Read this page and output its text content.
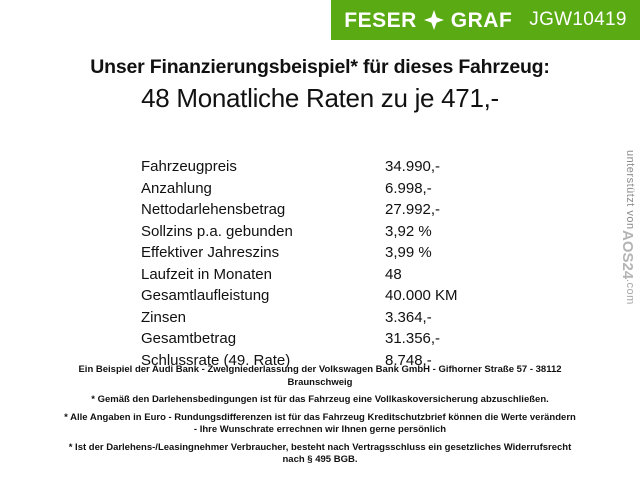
FESER GRAF JGW10419
Unser Finanzierungsbeispiel* für dieses Fahrzeug:
48 Monatliche Raten zu je 471,-
Fahrzeugpreis	34.990,-
Anzahlung	6.998,-
Nettodarlehensbetrag	27.992,-
Sollzins p.a. gebunden	3,92 %
Effektiver Jahreszins	3,99 %
Laufzeit in Monaten	48
Gesamtlaufleistung	40.000 KM
Zinsen	3.364,-
Gesamtbetrag	31.356,-
Schlussrate (49. Rate)	8.748,-
Ein Beispiel der Audi Bank - Zweigniederlassung der Volkswagen Bank GmbH - Gifhorner Straße 57 - 38112
Braunschweig
* Gemäß den Darlehensbedingungen ist für das Fahrzeug eine Vollkaskoversicherung abzuschließen.
* Alle Angaben in Euro - Rundungsdifferenzen ist für das Fahrzeug Kreditschutzbrief können die Werte verändern
- Ihre Wunschrate errechnen wir Ihnen gerne persönlich
* Ist der Darlehens-/Leasingnehmer Verbraucher, besteht nach Vertragsschluss ein gesetzliches Widerrufsrecht
nach § 495 BGB.
unterstützt von
AOS24
.com
